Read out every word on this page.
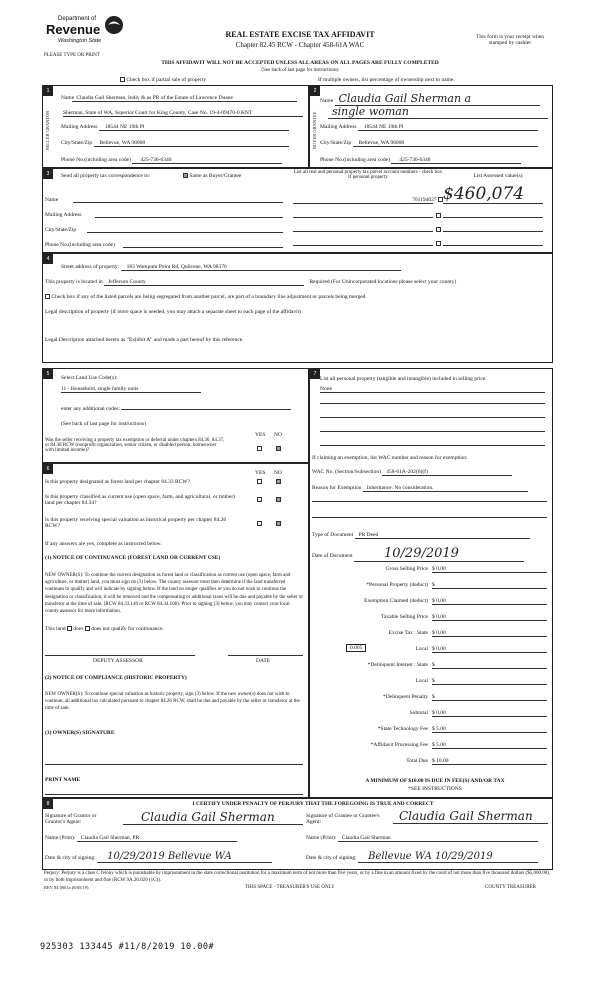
Department of
Revenue
Washington State
PLEASE TYPE OR PRINT
REAL ESTATE EXCISE TAX AFFIDAVIT
Chapter 82.45 RCW - Chapter 458-61A WAC
This form is your receipt when stamped by cashier
THIS AFFIDAVIT WILL NOT BE ACCEPTED UNLESS ALL AREAS ON ALL PAGES ARE FULLY COMPLETED
(See back of last page for instructions)
Check box if partial sale of property	If multiple owners, list percentage of ownership next to name.
1
SELLER GRANTOR
Name Claudia Gail Sherman, Indiv & as PR of the Estate of Lawrence Duane
Sherman, State of WA, Superior Court for King County, Case No. 19-4-09470-0 KNT
Mailing Address 18544 NE 19th Pl
City/State/Zip Bellevue, WA 98008
Phone No.(including area code) 425-736-6346
2
BUYER GRANTEE
Name Claudia Gail Sherman a
single woman
Mailing Address 18544 NE 19th Pl
City/State/Zip Bellevue, WA 98008
Phone No.(including area code) 425-736-6346
3	Send all property tax correspondence to:	Same as Buyer/Grantee
List all real and personal property tax parcel account numbers - check box if personal property	List Assessed value(s)
Name
Mailing Address
City/State/Zip
Phone No.(including area code)
701194027 $460,074
4
Street address of property: 183 Wampum Point Rd, Quilcene, WA 98376
This property is located in Jefferson County	Required (For Unincorporated locations please select your county)
Check box if any of the listed parcels are being segregated from another parcel, are part of a boundary line adjustment or parcels being merged.
Legal description of property (if more space is needed, you may attach a separate sheet to each page of the affidavit)
Legal Description attached hereto as "Exhibit A" and made a part hereof by this reference.
5
Select Land Use Code(s):
11 - Household, single family units
enter any additional codes:
(See back of last page for instructions)
YES NO
Was the seller receiving a property tax exemption or deferral under chapters 84.36, 84.37, or 84.38 RCW (nonprofit organization, senior citizen, or disabled person, homeowner with limited income)?
6
YES NO
Is this property designated as forest land per chapter 84.33 RCW?
Is this property classified as current use (open space, farm, and agricultural, or timber) land per chapter 84.34?
Is this property receiving special valuation as historical property per chapter 84.26 RCW?
If any answers are yes, complete as instructed below.
(1) NOTICE OF CONTINUANCE (FOREST LAND OR CURRENT USE)
NEW OWNER(S): To continue the current designation as forest land or classification as current use (open space, farm and agriculture, or timber) land, you must sign on (3) below. The county assessor must then determine if the land transferred continues to qualify and will indicate by signing below. If the land no longer qualifies or you do not wish to continue the designation or classification, it will be removed and the compensating or additional taxes will be due and payable by the seller or transferor at the time of sale. (RCW 84.33.140 or RCW 84.34.108). Prior to signing (3) below, you may contact your local county assessor for more information.
This land does does not qualify for continuance.
DEPUTY ASSESSOR	DATE
(2) NOTICE OF COMPLIANCE (HISTORIC PROPERTY)
NEW OWNER(S): To continue special valuation as historic property, sign (3) below. If the new owner(s) does not wish to continue, all additional tax calculated pursuant to chapter 84.26 RCW, shall be due and payable by the seller or transferor at the time of sale.
(3) OWNER(S) SIGNATURE
PRINT NAME
7
List all personal property (tangible and intangible) included in selling price.
None
If claiming an exemption, list WAC number and reason for exemption:
WAC No. (Section/Subsection) 458-61A-202(6)(f)
Reason for Exemption Inheritance. No consideration.
Type of Document PR Deed
Date of Document 10/29/2019
Gross Selling Price $ 0.00
*Personal Property (deduct) $
Exemption Claimed (deduct) $ 0.00
Taxable Selling Price $ 0.00
Excise Tax : State $ 0.00
0.005	Local $ 0.00
*Delinquent Interest : State $
Local $
*Delinquent Penalty $
Subtotal $ 0.00
*State Technology Fee $ 5.00
*Affidavit Processing Fee $ 5.00
Total Due $ 10.00
A MINIMUM OF $10.00 IS DUE IN FEE(S) AND/OR TAX
*SEE INSTRUCTIONS
8	I CERTIFY UNDER PENALTY OF PERJURY THAT THE FOREGOING IS TRUE AND CORRECT
Signature of Grantor or Grantor's Agent:	Claudia Gail Sherman	Signature of Grantee or Grantee's Agent:	Claudia Gail Sherman
Name (Print): Claudia Gail Sherman, PR	Name (Print): Claudia Gail Sherman
Date & city of signing: 10/29/2019 Bellevue WA	Date & city of signing: Bellevue WA 10/29/2019
Perjury: Perjury is a class C felony which is punishable by imprisonment in the state correctional institution for a maximum term of not more than five years, or by a fine in an amount fixed by the court of not more than five thousand dollars ($5,000.00), or by both imprisonment and fine (RCW 9A.20.020 (1C)).
REV 84 0001a (8/05/19)	THIS SPACE - TREASURER'S USE ONLY	COUNTY TREASURER
925303 133445 #11/8/2019 10.00#
